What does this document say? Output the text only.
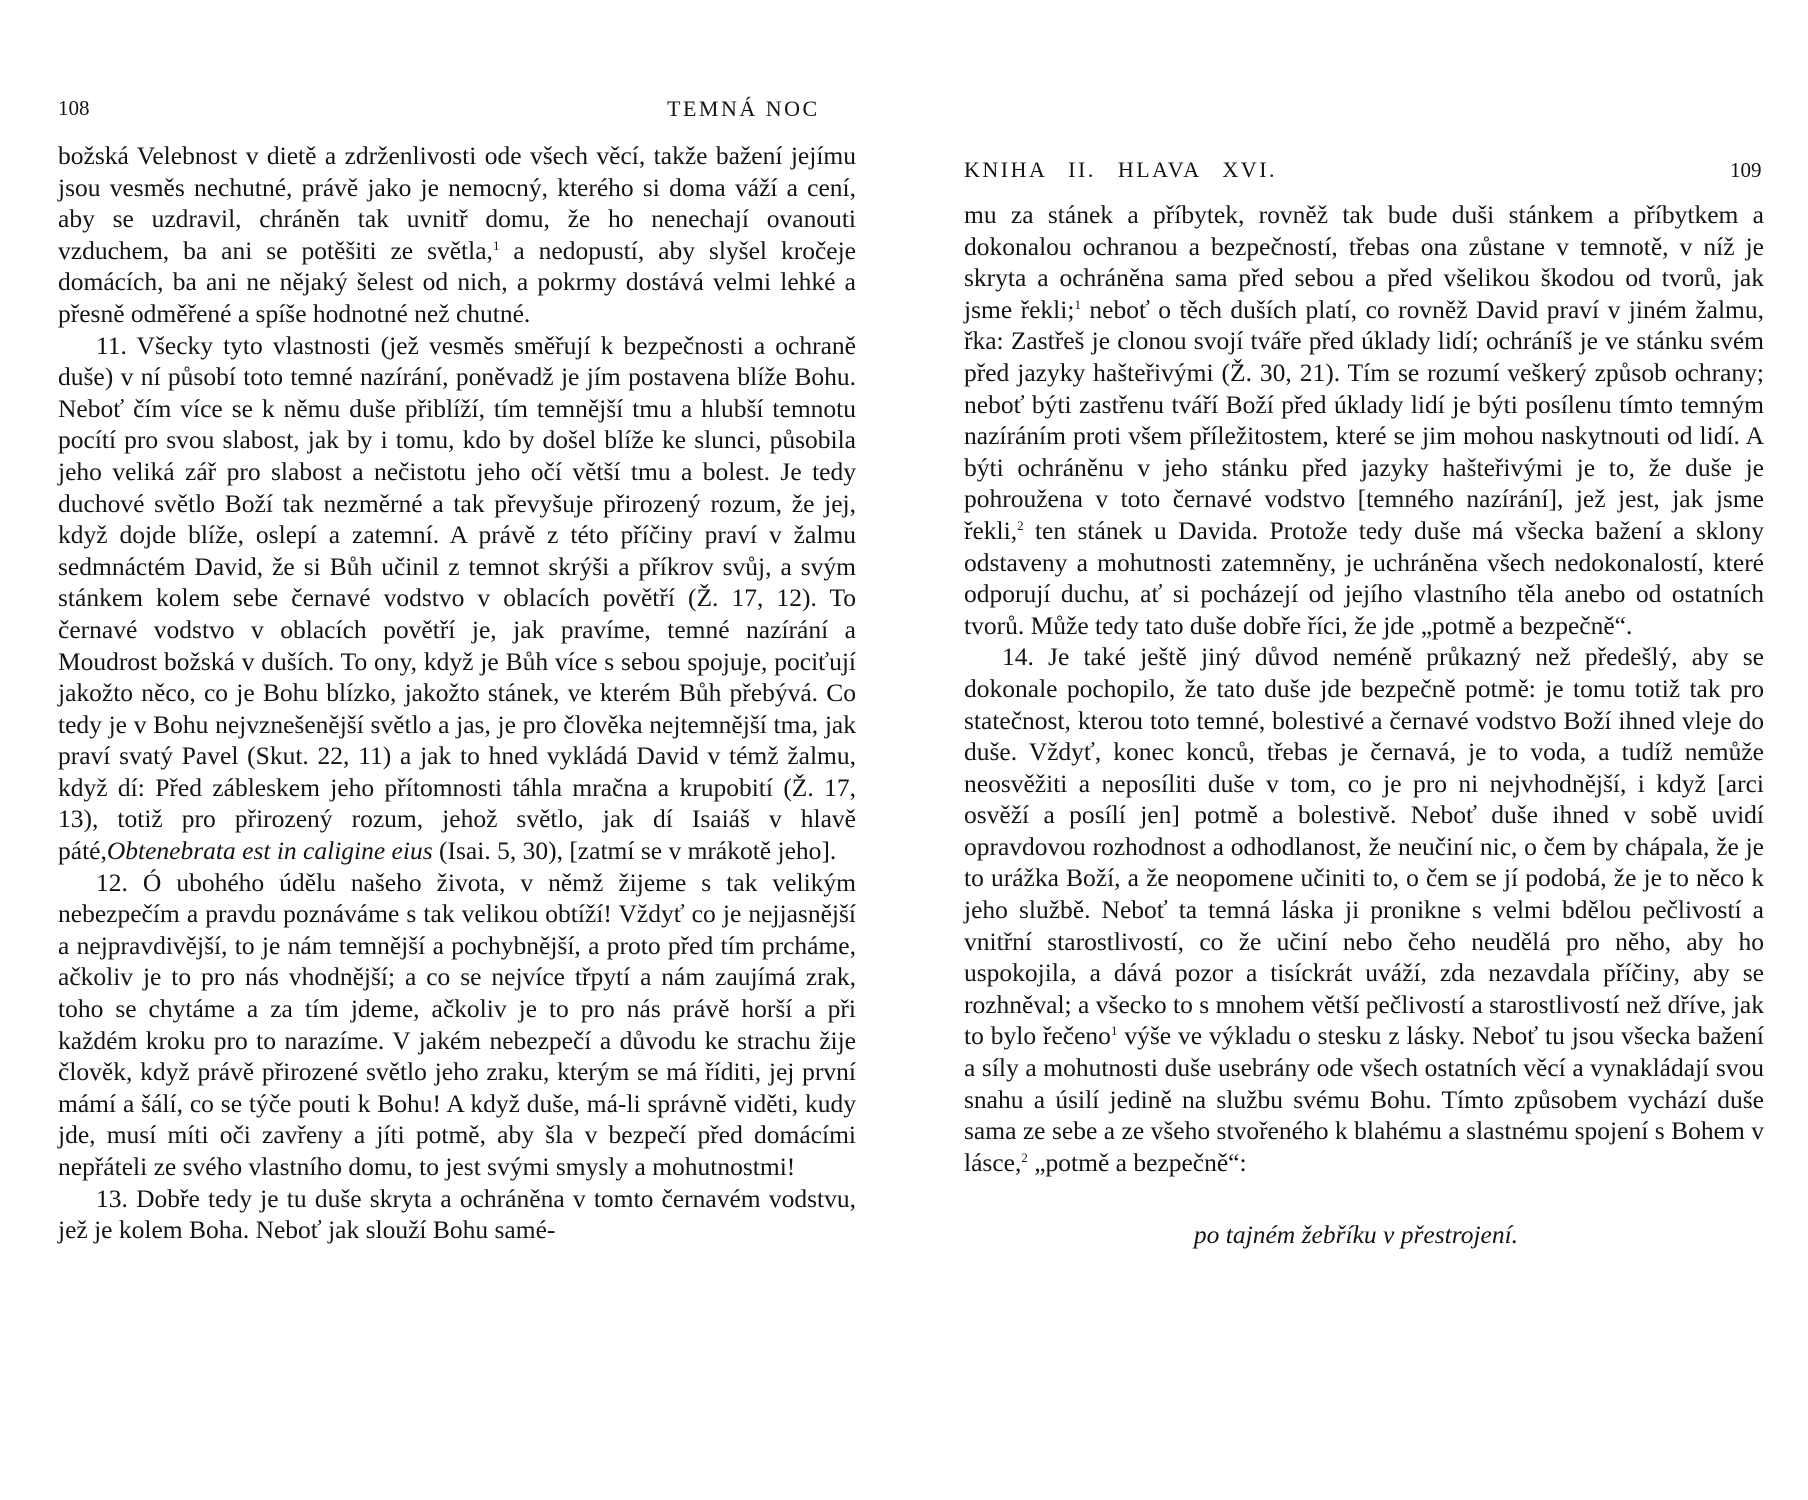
108	TEMNÁ NOC

božská Velebnost v dietě a zdrženlivosti ode všech věcí, takže bažení jejímu jsou vesměs nechutné, právě jako je nemocný, kterého si doma váží a cení, aby se uzdravil, chráněn tak uvnitř domu, že ho nenechají ovanouti vzduchem, ba ani se potěšiti ze světla,$^1$ a nedopustí, aby slyšel kročeje domácích, ba ani ne nějaký šelest od nich, a pokrmy dostává velmi lehké a přesně odměřené a spíše hodnotné než chutné.

11. Všecky tyto vlastnosti (jež vesměs směřují k bezpečnosti a ochraně duše) v ní působí toto temné nazírání, poněvadž je jím postavena blíže Bohu. Neboť čím více se k němu duše přiblíží, tím temnější tmu a hlubší temnotu pocítí pro svou slabost, jak by i tomu, kdo by došel blíže ke slunci, působila jeho veliká zář pro slabost a nečistotu jeho očí větší tmu a bolest. Je tedy duchové světlo Boží tak nezměrné a tak převyšuje přirozený rozum, že jej, když dojde blíže, oslepí a zatemní. A právě z této příčiny praví v žalmu sedmnáctém David, že si Bůh učinil z temnot skrýši a příkrov svůj, a svým stánkem kolem sebe černavé vodstvo v oblacích povětří (Ž. 17, 12). To černavé vodstvo v oblacích povětří je, jak pravíme, temné nazírání a Moudrost božská v duších. To ony, když je Bůh více s sebou spojuje, pociťují jakožto něco, co je Bohu blízko, jakožto stánek, ve kterém Bůh přebývá. Co tedy je v Bohu nejvznešenější světlo a jas, je pro člověka nejtemnější tma, jak praví svatý Pavel (Skut. 22, 11) a jak to hned vykládá David v témž žalmu, když dí: Před zábleskem jeho přítomnosti táhla mračna a krupobití (Ž. 17, 13), totiž pro přirozený rozum, jehož světlo, jak dí Isaiáš v hlavě páté,Obtenebrata est in caligine eius (Isai. 5, 30), [zatmí se v mrákotě jeho].

12. Ó ubohého údělu našeho života, v němž žijeme s tak velikým nebezpečím a pravdu poznáváme s tak velikou obtíží! Vždyť co je nejjasnější a nejpravdivější, to je nám temnější a pochybnější, a proto před tím prcháme, ačkoliv je to pro nás vhodnější; a co se nejvíce třpytí a nám zaujímá zrak, toho se chytáme a za tím jdeme, ačkoliv je to pro nás právě horší a při každém kroku pro to narazíme. V jakém nebezpečí a důvodu ke strachu žije člověk, když právě přirozené světlo jeho zraku, kterým se má říditi, jej první mámí a šálí, co se týče pouti k Bohu! A když duše, má-li správně viděti, kudy jde, musí míti oči zavřeny a jíti potmě, aby šla v bezpečí před domácími nepřáteli ze svého vlastního domu, to jest svými smysly a mohutnostmi!

13. Dobře tedy je tu duše skryta a ochráněna v tomto černavém vodstvu, jež je kolem Boha. Neboť jak slouží Bohu samé-

KNIHA II. HLAVA XVI.	109

mu za stánek a příbytek, rovněž tak bude duši stánkem a příbytkem a dokonalou ochranou a bezpečností, třebas ona zůstane v temnotě, v níž je skryta a ochráněna sama před sebou a před všelikou škodou od tvorů, jak jsme řekli;$^1$ neboť o těch duších platí, co rovněž David praví v jiném žalmu, řka: Zastřeš je clonou svojí tváře před úklady lidí; ochráníš je ve stánku svém před jazyky hašteřivými (Ž. 30, 21). Tím se rozumí veškerý způsob ochrany; neboť býti zastřenu tváří Boží před úklady lidí je býti posílenu tímto temným nazíráním proti všem příležitostem, které se jim mohou naskytnouti od lidí. A býti ochráněnu v jeho stánku před jazyky hašteřivými je to, že duše je pohroužena v toto černavé vodstvo [temného nazírání], jež jest, jak jsme řekli,$^2$ ten stánek u Davida. Protože tedy duše má všecka bažení a sklony odstaveny a mohutnosti zatemněny, je uchráněna všech nedokonalostí, které odporují duchu, ať si pocházejí od jejího vlastního těla anebo od ostatních tvorů. Může tedy tato duše dobře říci, že jde „potmě a bezpečně“.

14. Je také ještě jiný důvod neméně průkazný než předešlý, aby se dokonale pochopilo, že tato duše jde bezpečně potmě: je tomu totiž tak pro statečnost, kterou toto temné, bolestivé a černavé vodstvo Boží ihned vleje do duše. Vždyť, konec konců, třebas je černavá, je to voda, a tudíž nemůže neosvěžiti a neposíliti duše v tom, co je pro ni nejvhodnější, i když [arci osvěží a posílí jen] potmě a bolestivě. Neboť duše ihned v sobě uvidí opravdovou rozhodnost a odhodlanost, že neučiní nic, o čem by chápala, že je to urážka Boží, a že neopomene učiniti to, o čem se jí podobá, že je to něco k jeho službě. Neboť ta temná láska ji pronikne s velmi bdělou pečlivostí a vnitřní starostlivostí, co že učiní nebo čeho neudělá pro něho, aby ho uspokojila, a dává pozor a tisíckrát uváží, zda nezavdala příčiny, aby se rozhněval; a všecko to s mnohem větší pečlivostí a starostlivostí než dříve, jak to bylo řečeno$^1$ výše ve výkladu o stesku z lásky. Neboť tu jsou všecka bažení a síly a mohutnosti duše usebrány ode všech ostatních věcí a vynakládají svou snahu a úsilí jedině na službu svému Bohu. Tímto způsobem vychází duše sama ze sebe a ze všeho stvořeného k blahému a slastnému spojení s Bohem v lásce,$^2$ „potmě a bezpečně“:

po tajném žebříku v přestrojení.
